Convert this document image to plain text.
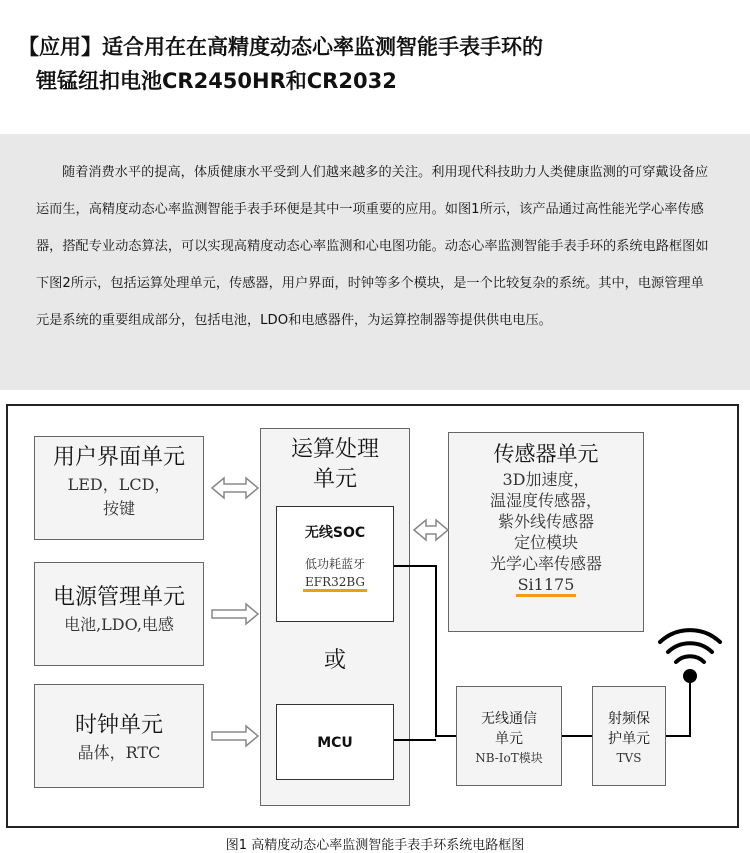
【应用】适合用在在高精度动态心率监测智能手表手环的
锂锰纽扣电池CR2450HR和CR2032

随着消费水平的提高，体质健康水平受到人们越来越多的关注。利用现代科技助力人类健康监测的可穿戴设备应运而生，高精度动态心率监测智能手表手环便是其中一项重要的应用。如图1所示，该产品通过高性能光学心率传感器，搭配专业动态算法，可以实现高精度动态心率监测和心电图功能。动态心率监测智能手表手环的系统电路框图如下图2所示，包括运算处理单元，传感器，用户界面，时钟等多个模块，是一个比较复杂的系统。其中，电源管理单元是系统的重要组成部分，包括电池，LDO和电感器件，为运算控制器等提供供电电压。

用户界面单元
LED，LCD，
按键
电源管理单元
电池,LDO,电感
时钟单元
晶体，RTC
运算处理
单元
无线SOC
低功耗蓝牙
EFR32BG
或
MCU
传感器单元
3D加速度，
温湿度传感器，
紫外线传感器
定位模块
光学心率传感器
Si1175
无线通信
单元
NB-IoT模块
射频保
护单元
TVS
图1 高精度动态心率监测智能手表手环系统电路框图
